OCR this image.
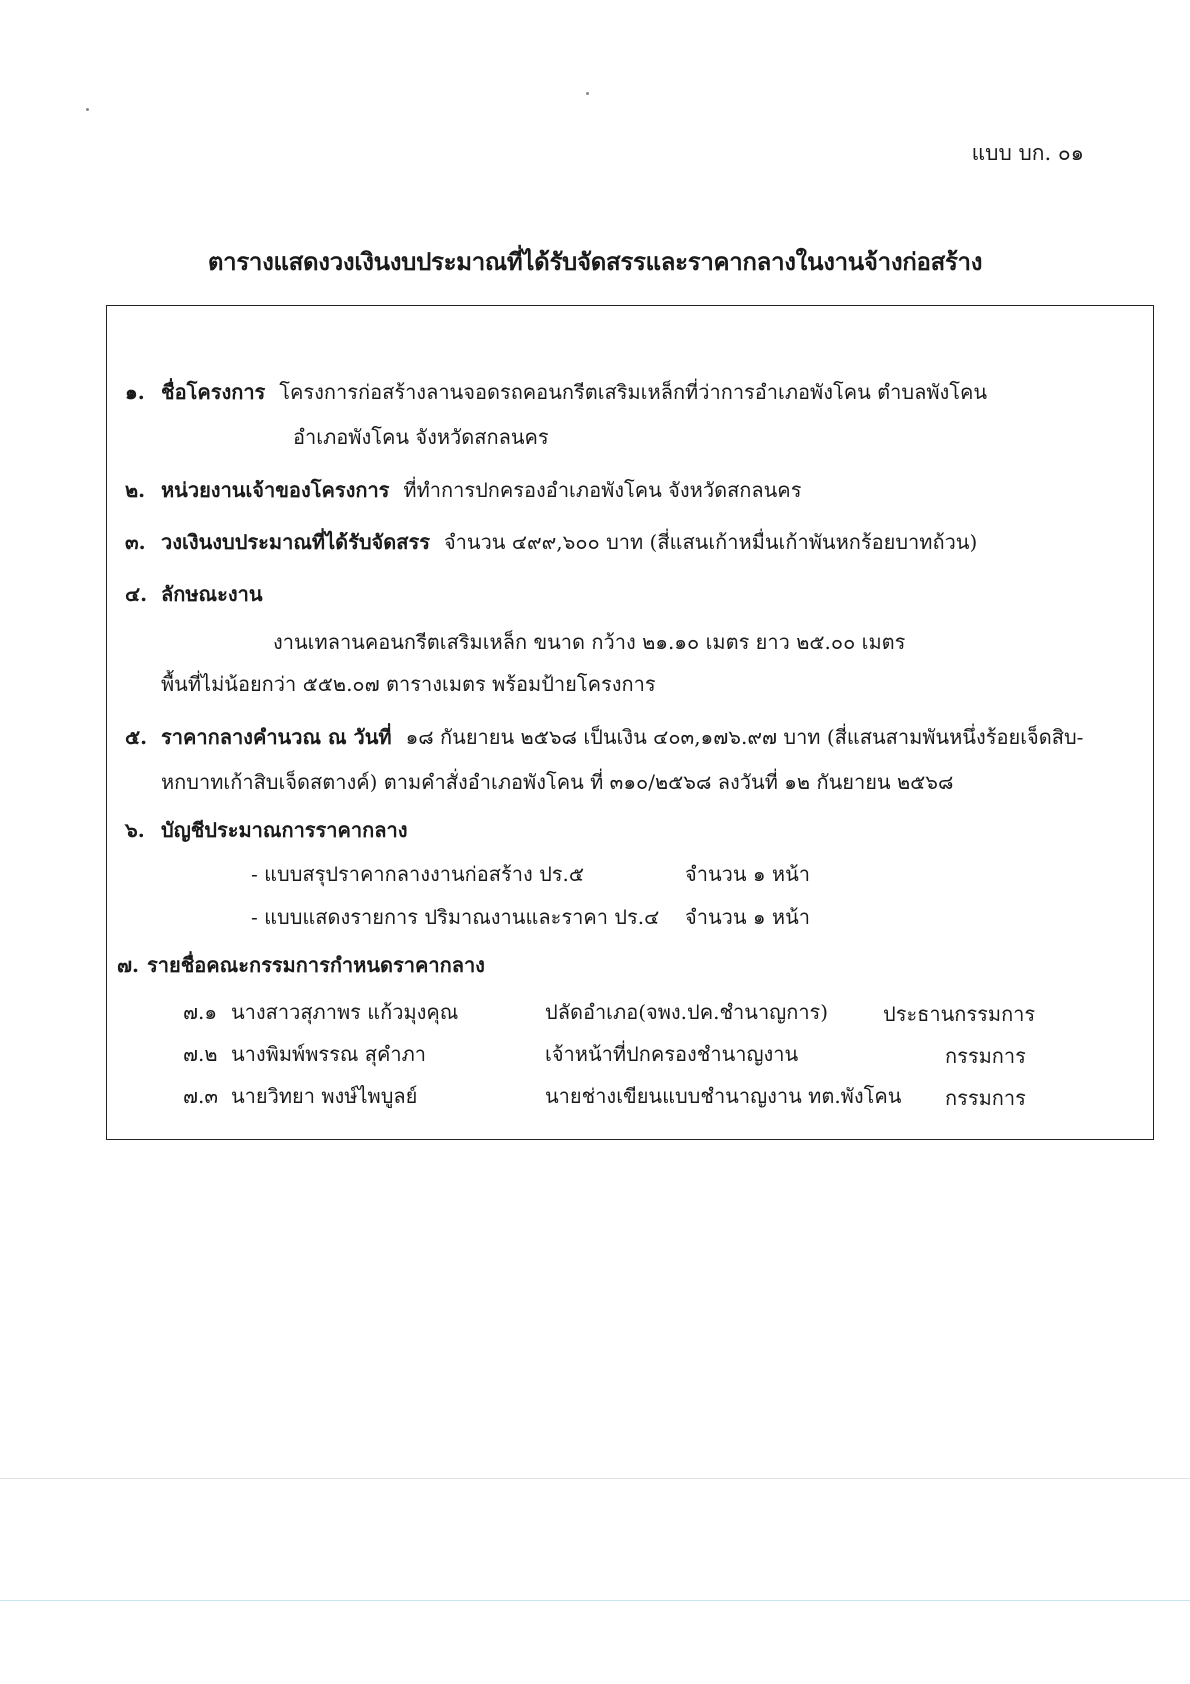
แบบ บก. ๐๑
ตารางแสดงวงเงินงบประมาณที่ได้รับจัดสรรและราคากลางในงานจ้างก่อสร้าง
๑. ชื่อโครงการ โครงการก่อสร้างลานจอดรถคอนกรีตเสริมเหล็กที่ว่าการอำเภอพังโคน ตำบลพังโคน
อำเภอพังโคน จังหวัดสกลนคร
๒. หน่วยงานเจ้าของโครงการ ที่ทำการปกครองอำเภอพังโคน จังหวัดสกลนคร
๓. วงเงินงบประมาณที่ได้รับจัดสรร จำนวน ๔๙๙,๖๐๐ บาท (สี่แสนเก้าหมื่นเก้าพันหกร้อยบาทถ้วน)
๔. ลักษณะงาน
งานเทลานคอนกรีตเสริมเหล็ก ขนาด กว้าง ๒๑.๑๐ เมตร ยาว ๒๕.๐๐ เมตร
พื้นที่ไม่น้อยกว่า ๕๕๒.๐๗ ตารางเมตร พร้อมป้ายโครงการ
๕. ราคากลางคำนวณ ณ วันที่ ๑๘ กันยายน ๒๕๖๘ เป็นเงิน ๔๐๓,๑๗๖.๙๗ บาท (สี่แสนสามพันหนึ่งร้อยเจ็ดสิบ-
หกบาทเก้าสิบเจ็ดสตางค์) ตามคำสั่งอำเภอพังโคน ที่ ๓๑๐/๒๕๖๘ ลงวันที่ ๑๒ กันยายน ๒๕๖๘
๖. บัญชีประมาณการราคากลาง
- แบบสรุปราคากลางงานก่อสร้าง ปร.๕	จำนวน ๑ หน้า
- แบบแสดงรายการ ปริมาณงานและราคา ปร.๔ จำนวน ๑ หน้า
๗. รายชื่อคณะกรรมการกำหนดราคากลาง
๗.๑ นางสาวสุภาพร แก้วมุงคุณ	ปลัดอำเภอ(จพง.ปค.ชำนาญการ)	ประธานกรรมการ
๗.๒ นางพิมพ์พรรณ สุคำภา	เจ้าหน้าที่ปกครองชำนาญงาน	กรรมการ
๗.๓ นายวิทยา พงษ์ไพบูลย์	นายช่างเขียนแบบชำนาญงาน ทต.พังโคน กรรมการ
